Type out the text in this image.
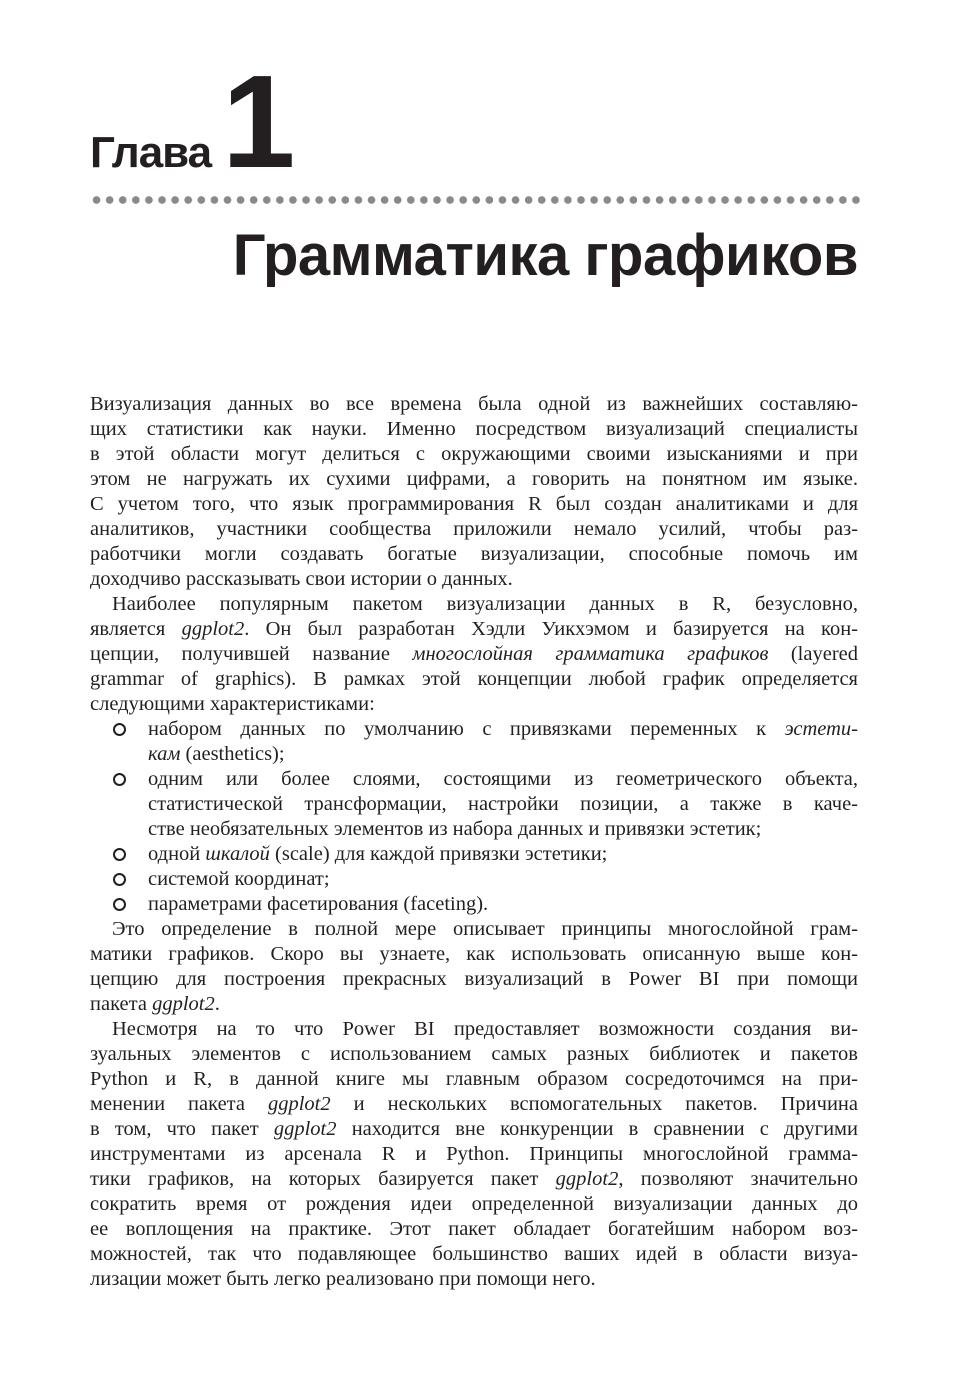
Глава 1
Грамматика графиков
Визуализация данных во все времена была одной из важнейших составляю-
щих статистики как науки. Именно посредством визуализаций специалисты
в этой области могут делиться с окружающими своими изысканиями и при
этом не нагружать их сухими цифрами, а говорить на понятном им языке.
С учетом того, что язык программирования R был создан аналитиками и для
аналитиков, участники сообщества приложили немало усилий, чтобы раз-
работчики могли создавать богатые визуализации, способные помочь им
доходчиво рассказывать свои истории о данных.
Наиболее популярным пакетом визуализации данных в R, безусловно,
является ggplot2. Он был разработан Хэдли Уикхэмом и базируется на кон-
цепции, получившей название многослойная грамматика графиков (layered
grammar of graphics). В рамках этой концепции любой график определяется
следующими характеристиками:
набором данных по умолчанию с привязками переменных к эстети-
кам (aesthetics);
одним или более слоями, состоящими из геометрического объекта,
статистической трансформации, настройки позиции, а также в каче-
стве необязательных элементов из набора данных и привязки эстетик;
одной шкалой (scale) для каждой привязки эстетики;
системой координат;
параметрами фасетирования (faceting).
Это определение в полной мере описывает принципы многослойной грам-
матики графиков. Скоро вы узнаете, как использовать описанную выше кон-
цепцию для построения прекрасных визуализаций в Power BI при помощи
пакета ggplot2.
Несмотря на то что Power BI предоставляет возможности создания ви-
зуальных элементов с использованием самых разных библиотек и пакетов
Python и R, в данной книге мы главным образом сосредоточимся на при-
менении пакета ggplot2 и нескольких вспомогательных пакетов. Причина
в том, что пакет ggplot2 находится вне конкуренции в сравнении с другими
инструментами из арсенала R и Python. Принципы многослойной грамма-
тики графиков, на которых базируется пакет ggplot2, позволяют значительно
сократить время от рождения идеи определенной визуализации данных до
ее воплощения на практике. Этот пакет обладает богатейшим набором воз-
можностей, так что подавляющее большинство ваших идей в области визуа-
лизации может быть легко реализовано при помощи него.
